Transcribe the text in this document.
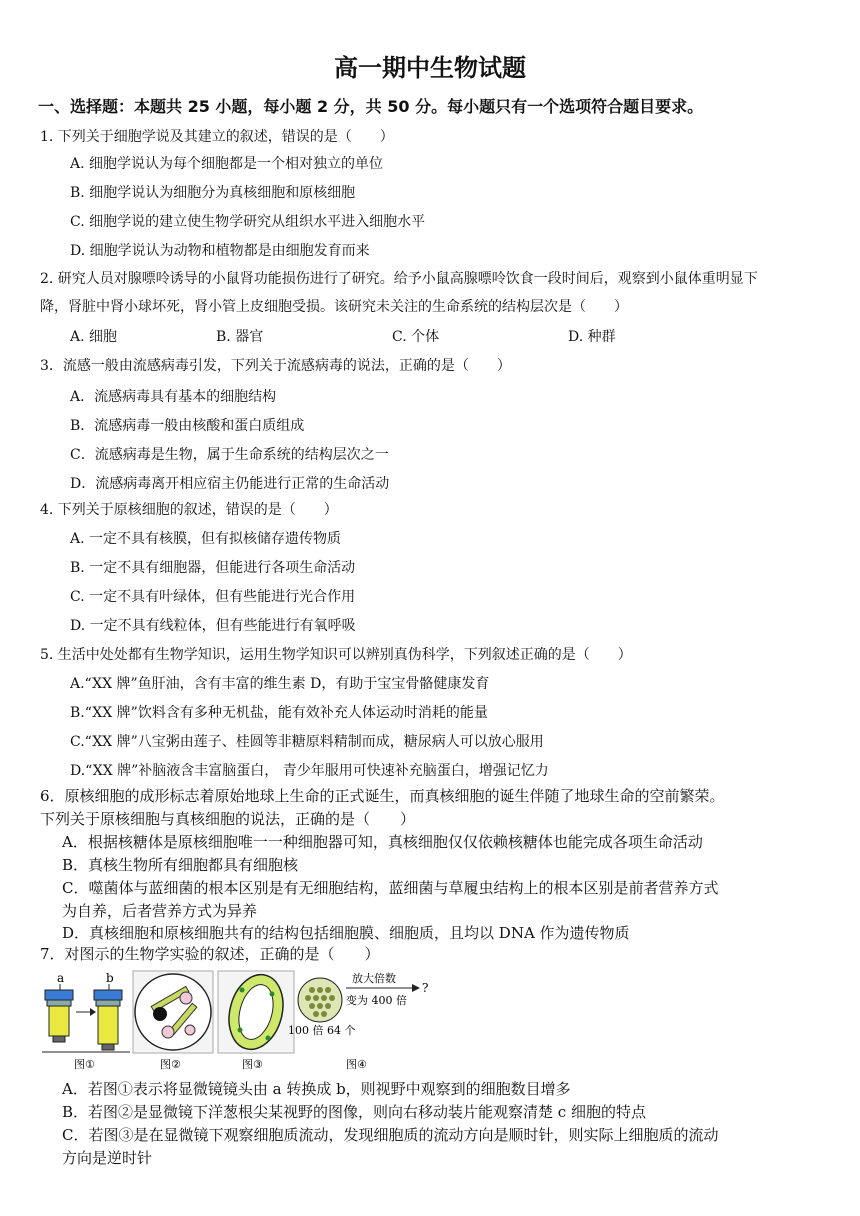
高一期中生物试题
一、选择题：本题共 25 小题，每小题 2 分，共 50 分。每小题只有一个选项符合题目要求。
1. 下列关于细胞学说及其建立的叙述，错误的是（　　）
A. 细胞学说认为每个细胞都是一个相对独立的单位
B. 细胞学说认为细胞分为真核细胞和原核细胞
C. 细胞学说的建立使生物学研究从组织水平进入细胞水平
D. 细胞学说认为动物和植物都是由细胞发育而来
2. 研究人员对腺嘌呤诱导的小鼠肾功能损伤进行了研究。给予小鼠高腺嘌呤饮食一段时间后，观察到小鼠体重明显下
降，肾脏中肾小球坏死，肾小管上皮细胞受损。该研究未关注的生命系统的结构层次是（　　）
A. 细胞	B. 器官	C. 个体	D. 种群
3．流感一般由流感病毒引发，下列关于流感病毒的说法，正确的是（　　）
A．流感病毒具有基本的细胞结构
B．流感病毒一般由核酸和蛋白质组成
C．流感病毒是生物，属于生命系统的结构层次之一
D．流感病毒离开相应宿主仍能进行正常的生命活动
4. 下列关于原核细胞的叙述，错误的是（　　）
A. 一定不具有核膜，但有拟核储存遗传物质
B. 一定不具有细胞器，但能进行各项生命活动
C. 一定不具有叶绿体，但有些能进行光合作用
D. 一定不具有线粒体，但有些能进行有氧呼吸
5. 生活中处处都有生物学知识，运用生物学知识可以辨别真伪科学，下列叙述正确的是（　　）
A.“XX 牌”鱼肝油，含有丰富的维生素 D，有助于宝宝骨骼健康发育
B.“XX 牌”饮料含有多种无机盐，能有效补充人体运动时消耗的能量
C.“XX 牌”八宝粥由莲子、桂圆等非糖原料精制而成，糖尿病人可以放心服用
D.“XX 牌”补脑液含丰富脑蛋白， 青少年服用可快速补充脑蛋白，增强记忆力
6．原核细胞的成形标志着原始地球上生命的正式诞生，而真核细胞的诞生伴随了地球生命的空前繁荣。
下列关于原核细胞与真核细胞的说法，正确的是（　　）
A．根据核糖体是原核细胞唯一一种细胞器可知，真核细胞仅仅依赖核糖体也能完成各项生命活动
B．真核生物所有细胞都具有细胞核
C．噬菌体与蓝细菌的根本区别是有无细胞结构，蓝细菌与草履虫结构上的根本区别是前者营养方式
为自养，后者营养方式为异养
D．真核细胞和原核细胞共有的结构包括细胞膜、细胞质，且均以 DNA 作为遗传物质
7．对图示的生物学实验的叙述，正确的是（　　）
a	b
图①	图②	图③
放大倍数
?
变为 400 倍
100 倍 64 个
图④
A．若图①表示将显微镜镜头由 a 转换成 b，则视野中观察到的细胞数目增多
B．若图②是显微镜下洋葱根尖某视野的图像，则向右移动装片能观察清楚 c 细胞的特点
C．若图③是在显微镜下观察细胞质流动，发现细胞质的流动方向是顺时针，则实际上细胞质的流动
方向是逆时针
